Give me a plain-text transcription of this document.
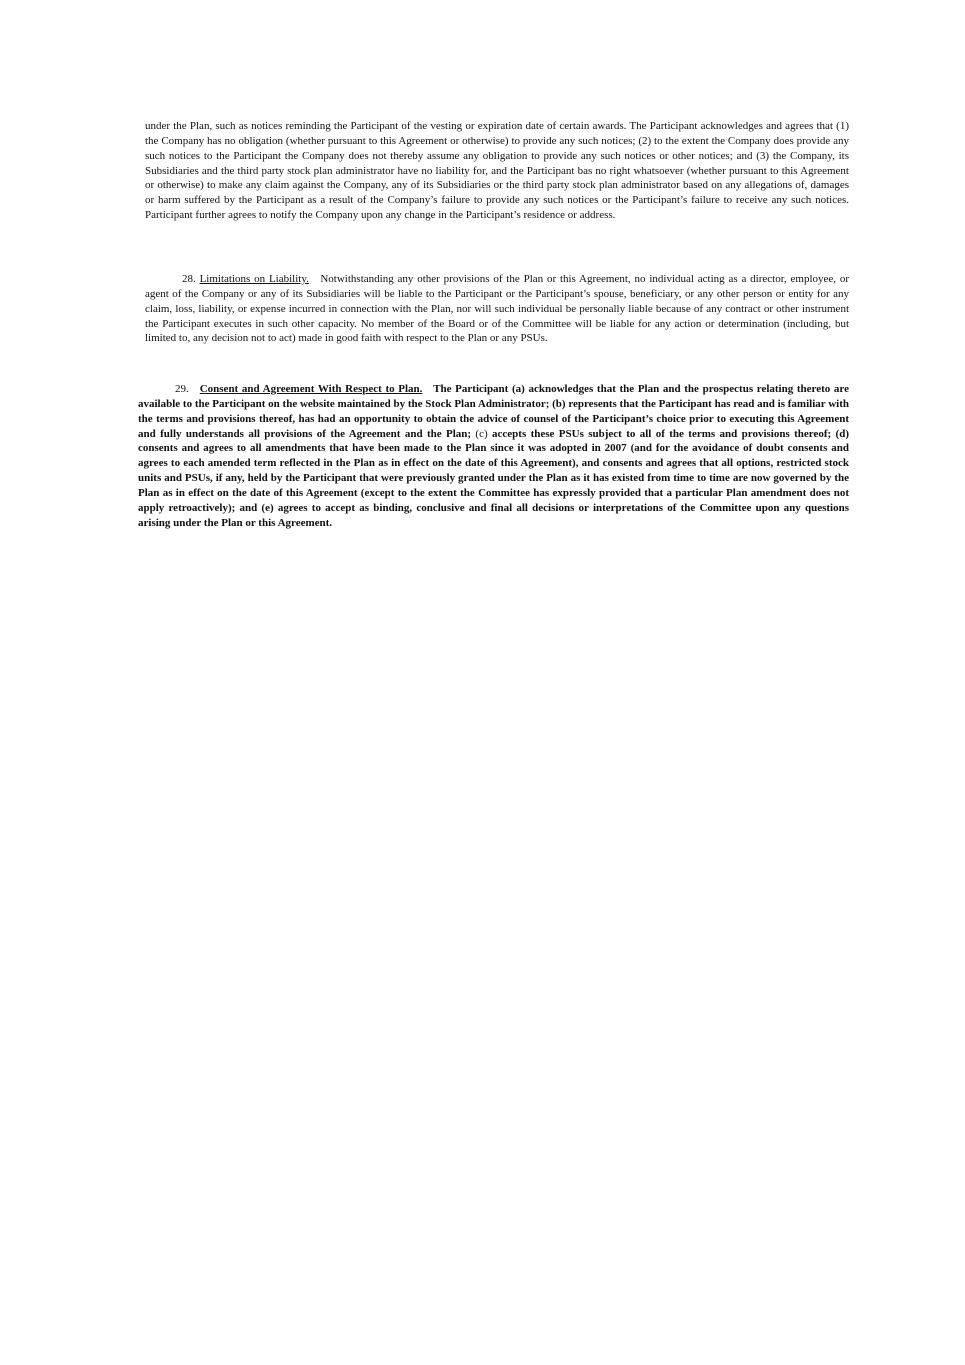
under the Plan, such as notices reminding the Participant of the vesting or expiration date of certain awards. The Participant acknowledges and agrees that (1) the Company has no obligation (whether pursuant to this Agreement or otherwise) to provide any such notices; (2) to the extent the Company does provide any such notices to the Participant the Company does not thereby assume any obligation to provide any such notices or other notices; and (3) the Company, its Subsidiaries and the third party stock plan administrator have no liability for, and the Participant bas no right whatsoever (whether pursuant to this Agreement or otherwise) to make any claim against the Company, any of its Subsidiaries or the third party stock plan administrator based on any allegations of, damages or harm suffered by the Participant as a result of the Company’s failure to provide any such notices or the Participant’s failure to receive any such notices. Participant further agrees to notify the Company upon any change in the Participant’s residence or address.

28. Limitations on Liability. Notwithstanding any other provisions of the Plan or this Agreement, no individual acting as a director, employee, or agent of the Company or any of its Subsidiaries will be liable to the Participant or the Participant’s spouse, beneficiary, or any other person or entity for any claim, loss, liability, or expense incurred in connection with the Plan, nor will such individual be personally liable because of any contract or other instrument the Participant executes in such other capacity. No member of the Board or of the Committee will be liable for any action or determination (including, but limited to, any decision not to act) made in good faith with respect to the Plan or any PSUs.

29. Consent and Agreement With Respect to Plan. The Participant (a) acknowledges that the Plan and the prospectus relating thereto are available to the Participant on the website maintained by the Stock Plan Administrator; (b) represents that the Participant has read and is familiar with the terms and provisions thereof, has had an opportunity to obtain the advice of counsel of the Participant’s choice prior to executing this Agreement and fully understands all provisions of the Agreement and the Plan; (c) accepts these PSUs subject to all of the terms and provisions thereof; (d) consents and agrees to all amendments that have been made to the Plan since it was adopted in 2007 (and for the avoidance of doubt consents and agrees to each amended term reflected in the Plan as in effect on the date of this Agreement), and consents and agrees that all options, restricted stock units and PSUs, if any, held by the Participant that were previously granted under the Plan as it has existed from time to time are now governed by the Plan as in effect on the date of this Agreement (except to the extent the Committee has expressly provided that a particular Plan amendment does not apply retroactively); and (e) agrees to accept as binding, conclusive and final all decisions or interpretations of the Committee upon any questions arising under the Plan or this Agreement.
